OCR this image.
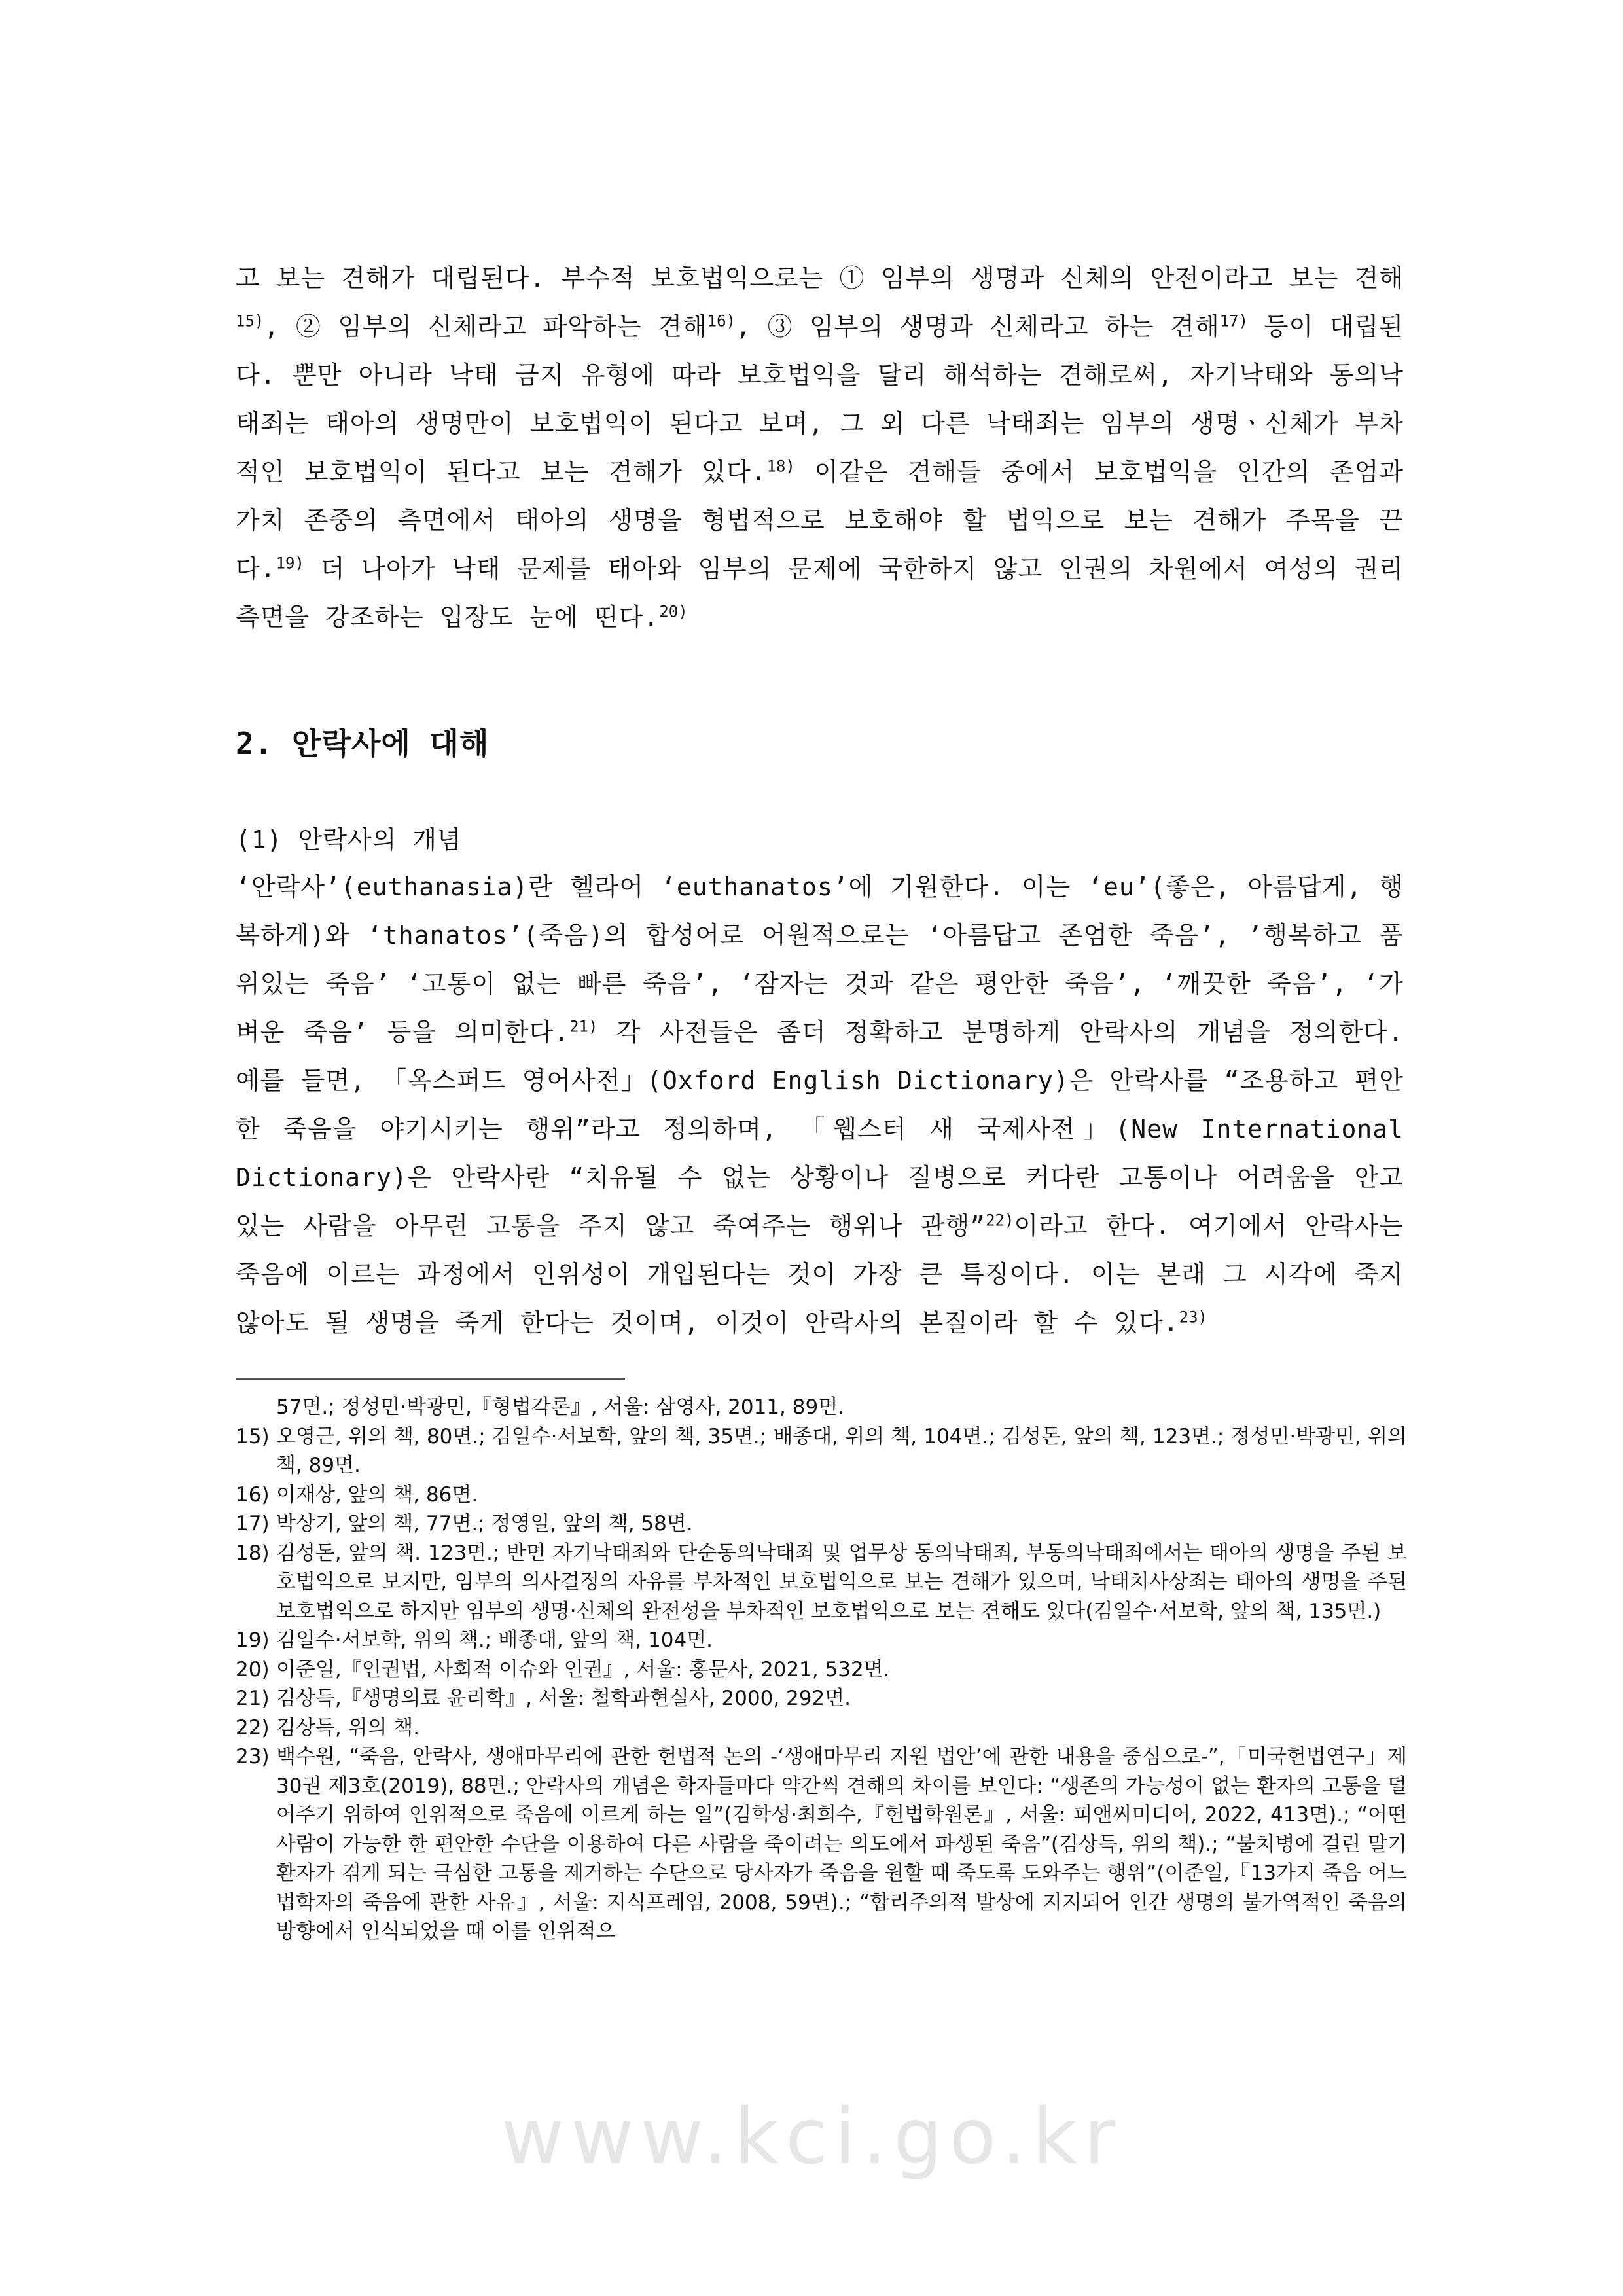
고 보는 견해가 대립된다. 부수적 보호법익으로는 ① 임부의 생명과 신체의 안전이라고 보는 견해$^{15)}$, ② 임부의 신체라고 파악하는 견해$^{16)}$, ③ 임부의 생명과 신체라고 하는 견해$^{17)}$ 등이 대립된다. 뿐만 아니라 낙태 금지 유형에 따라 보호법익을 달리 해석하는 견해로써, 자기낙태와 동의낙태죄는 태아의 생명만이 보호법익이 된다고 보며, 그 외 다른 낙태죄는 임부의 생명ㆍ신체가 부차적인 보호법익이 된다고 보는 견해가 있다.$^{18)}$ 이같은 견해들 중에서 보호법익을 인간의 존엄과 가치 존중의 측면에서 태아의 생명을 형법적으로 보호해야 할 법익으로 보는 견해가 주목을 끈다.$^{19)}$ 더 나아가 낙태 문제를 태아와 임부의 문제에 국한하지 않고 인권의 차원에서 여성의 권리 측면을 강조하는 입장도 눈에 띤다.$^{20)}$
2. 안락사에 대해
(1) 안락사의 개념
‘안락사’(euthanasia)란 헬라어 ‘euthanatos’에 기원한다. 이는 ‘eu’(좋은, 아름답게, 행복하게)와 ‘thanatos’(죽음)의 합성어로 어원적으로는 ‘아름답고 존엄한 죽음’, ’행복하고 품위있는 죽음’ ‘고통이 없는 빠른 죽음’, ‘잠자는 것과 같은 평안한 죽음’, ‘깨끗한 죽음’, ‘가벼운 죽음’ 등을 의미한다.$^{21)}$ 각 사전들은 좀더 정확하고 분명하게 안락사의 개념을 정의한다. 예를 들면, 「옥스퍼드 영어사전」(Oxford English Dictionary)은 안락사를 “조용하고 편안한 죽음을 야기시키는 행위”라고 정의하며, 「웹스터 새 국제사전」(New International Dictionary)은 안락사란 “치유될 수 없는 상황이나 질병으로 커다란 고통이나 어려움을 안고 있는 사람을 아무런 고통을 주지 않고 죽여주는 행위나 관행”$^{22)}$이라고 한다. 여기에서 안락사는 죽음에 이르는 과정에서 인위성이 개입된다는 것이 가장 큰 특징이다. 이는 본래 그 시각에 죽지 않아도 될 생명을 죽게 한다는 것이며, 이것이 안락사의 본질이라 할 수 있다.$^{23)}$
57면.; 정성민·박광민,『형법각론』, 서울: 삼영사, 2011, 89면.
15) 오영근, 위의 책, 80면.; 김일수·서보학, 앞의 책, 35면.; 배종대, 위의 책, 104면.; 김성돈, 앞의 책, 123면.; 정성민·박광민, 위의 책, 89면.
16) 이재상, 앞의 책, 86면.
17) 박상기, 앞의 책, 77면.; 정영일, 앞의 책, 58면.
18) 김성돈, 앞의 책. 123면.; 반면 자기낙태죄와 단순동의낙태죄 및 업무상 동의낙태죄, 부동의낙태죄에서는 태아의 생명을 주된 보호법익으로 보지만, 임부의 의사결정의 자유를 부차적인 보호법익으로 보는 견해가 있으며, 낙태치사상죄는 태아의 생명을 주된 보호법익으로 하지만 임부의 생명·신체의 완전성을 부차적인 보호법익으로 보는 견해도 있다(김일수·서보학, 앞의 책, 135면.)
19) 김일수·서보학, 위의 책.; 배종대, 앞의 책, 104면.
20) 이준일,『인권법, 사회적 이슈와 인권』, 서울: 홍문사, 2021, 532면.
21) 김상득,『생명의료 윤리학』, 서울: 철학과현실사, 2000, 292면.
22) 김상득, 위의 책.
23) 백수원, “죽음, 안락사, 생애마무리에 관한 헌법적 논의 -‘생애마무리 지원 법안’에 관한 내용을 중심으로-”,「미국헌법연구」제30권 제3호(2019), 88면.; 안락사의 개념은 학자들마다 약간씩 견해의 차이를 보인다: “생존의 가능성이 없는 환자의 고통을 덜어주기 위하여 인위적으로 죽음에 이르게 하는 일”(김학성·최희수,『헌법학원론』, 서울: 피앤씨미디어, 2022, 413면).; “어떤 사람이 가능한 한 편안한 수단을 이용하여 다른 사람을 죽이려는 의도에서 파생된 죽음”(김상득, 위의 책).; “불치병에 걸린 말기 환자가 겪게 되는 극심한 고통을 제거하는 수단으로 당사자가 죽음을 원할 때 죽도록 도와주는 행위”(이준일,『13가지 죽음 어느 법학자의 죽음에 관한 사유』, 서울: 지식프레임, 2008, 59면).; “합리주의적 발상에 지지되어 인간 생명의 불가역적인 죽음의 방향에서 인식되었을 때 이를 인위적으
www.kci.go.kr
